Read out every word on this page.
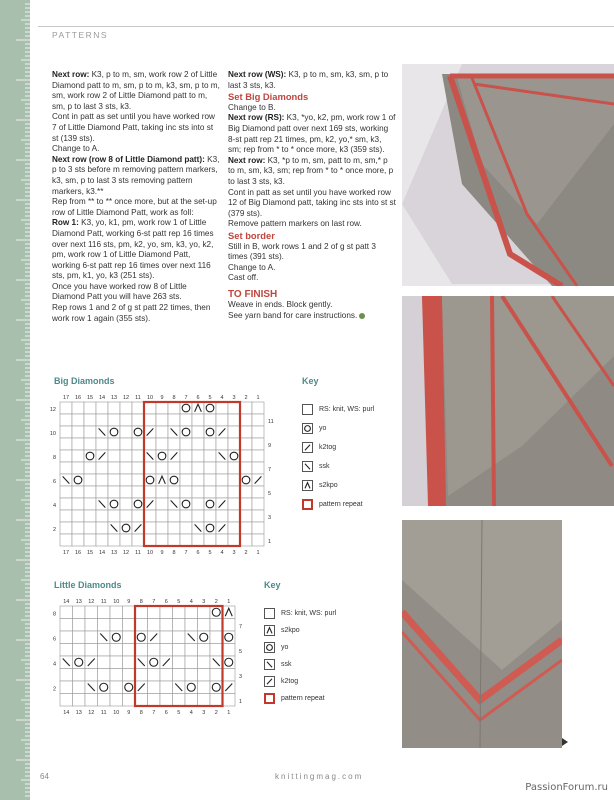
PATTERNS

Next row: K3, p to m, sm, work row 2 of Little Diamond patt to m, sm, p to m, k3, sm, p to m, sm, work row 2 of Little Diamond patt to m, sm, p to last 3 sts, k3.

Cont in patt as set until you have worked row 7 of Little Diamond Patt, taking inc sts into st st (139 sts).

Change to A.

Next row (row 8 of Little Diamond patt): K3, p to 3 sts before m removing pattern markers, k3, sm, p to last 3 sts removing pattern markers, k3.**

Rep from ** to ** once more, but at the set-up row of Little Diamond Patt, work as foll:

Row 1: K3, yo, k1, pm, work row 1 of Little Diamond Patt, working 6-st patt rep 16 times over next 116 sts, pm, k2, yo, sm, k3, yo, k2, pm, work row 1 of Little Diamond Patt, working 6-st patt rep 16 times over next 116 sts, pm, k1, yo, k3 (251 sts).

Once you have worked row 8 of Little Diamond Patt you will have 263 sts.

Rep rows 1 and 2 of g st patt 22 times, then work row 1 again (355 sts).

Next row (WS): K3, p to m, sm, k3, sm, p to last 3 sts, k3.

Set Big Diamonds

Change to B.

Next row (RS): K3, *yo, k2, pm, work row 1 of Big Diamond patt over next 169 sts, working 8-st patt rep 21 times, pm, k2, yo,* sm, k3, sm; rep from * to * once more, k3 (359 sts).

Next row: K3, *p to m, sm, patt to m, sm,* p to m, sm, k3, sm; rep from * to * once more, p to last 3 sts, k3.

Cont in patt as set until you have worked row 12 of Big Diamond patt, taking inc sts into st st (379 sts).

Remove pattern markers on last row.

Set border

Still in B, work rows 1 and 2 of g st patt 3 times (391 sts).

Change to A.

Cast off.

TO FINISH

Weave in ends. Block gently.

See yarn band for care instructions.

Big Diamonds
17
17
16
16
15
15
14
14
13
13
12
12
11
11
10
10
9
9
8
8
7
7
6
6
5
5
4
4
3
3
2
2
1
1
12
10
8
6
4
2
11
9
7
5
3
1
Key
RS: knit, WS: purl
yo
k2tog
ssk
s2kpo
pattern repeat
Little Diamonds
14
14
13
13
12
12
11
11
10
10
9
9
8
8
7
7
6
6
5
5
4
4
3
3
2
2
1
1
8
6
4
2
7
5
3
1
Key
RS: knit, WS: purl
s2kpo
yo
ssk
k2tog
pattern repeat
64	knittingmag.com
PassionForum.ru
